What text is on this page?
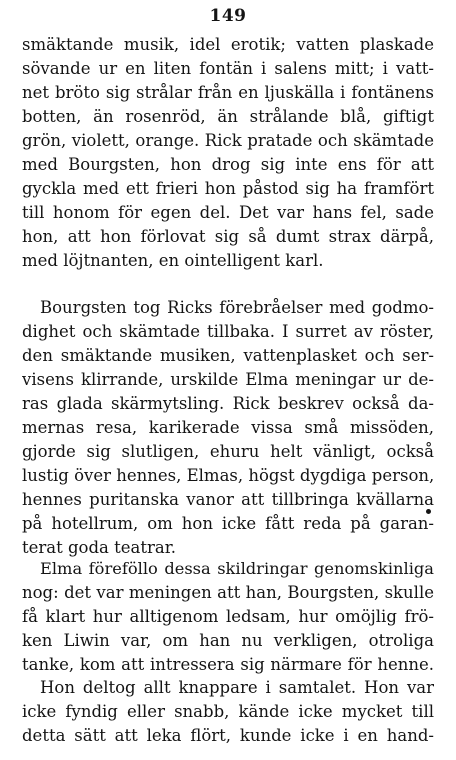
149
smäktande musik, idel erotik; vatten plaskade
sövande ur en liten fontän i salens mitt; i vatt-
net bröto sig strålar från en ljuskälla i fontänens
botten, än rosenröd, än strålande blå, giftigt
grön, violett, orange. Rick pratade och skämtade
med Bourgsten, hon drog sig inte ens för att
gyckla med ett frieri hon påstod sig ha framfört
till honom för egen del. Det var hans fel, sade
hon, att hon förlovat sig så dumt strax därpå,
med löjtnanten, en ointelligent karl.
Bourgsten tog Ricks förebråelser med godmo-
dighet och skämtade tillbaka. I surret av röster,
den smäktande musiken, vattenplasket och ser-
visens klirrande, urskilde Elma meningar ur de-
ras glada skärmytsling. Rick beskrev också da-
mernas resa, karikerade vissa små missöden,
gjorde sig slutligen, ehuru helt vänligt, också
lustig över hennes, Elmas, högst dygdiga person,
hennes puritanska vanor att tillbringa kvällarna
på hotellrum, om hon icke fått reda på garan-
terat goda teatrar.
Elma föreföllo dessa skildringar genomskinliga
nog: det var meningen att han, Bourgsten, skulle
få klart hur alltigenom ledsam, hur omöjlig frö-
ken Liwin var, om han nu verkligen, otroliga
tanke, kom att intressera sig närmare för henne.
Hon deltog allt knappare i samtalet. Hon var
icke fyndig eller snabb, kände icke mycket till
detta sätt att leka flört, kunde icke i en hand-
